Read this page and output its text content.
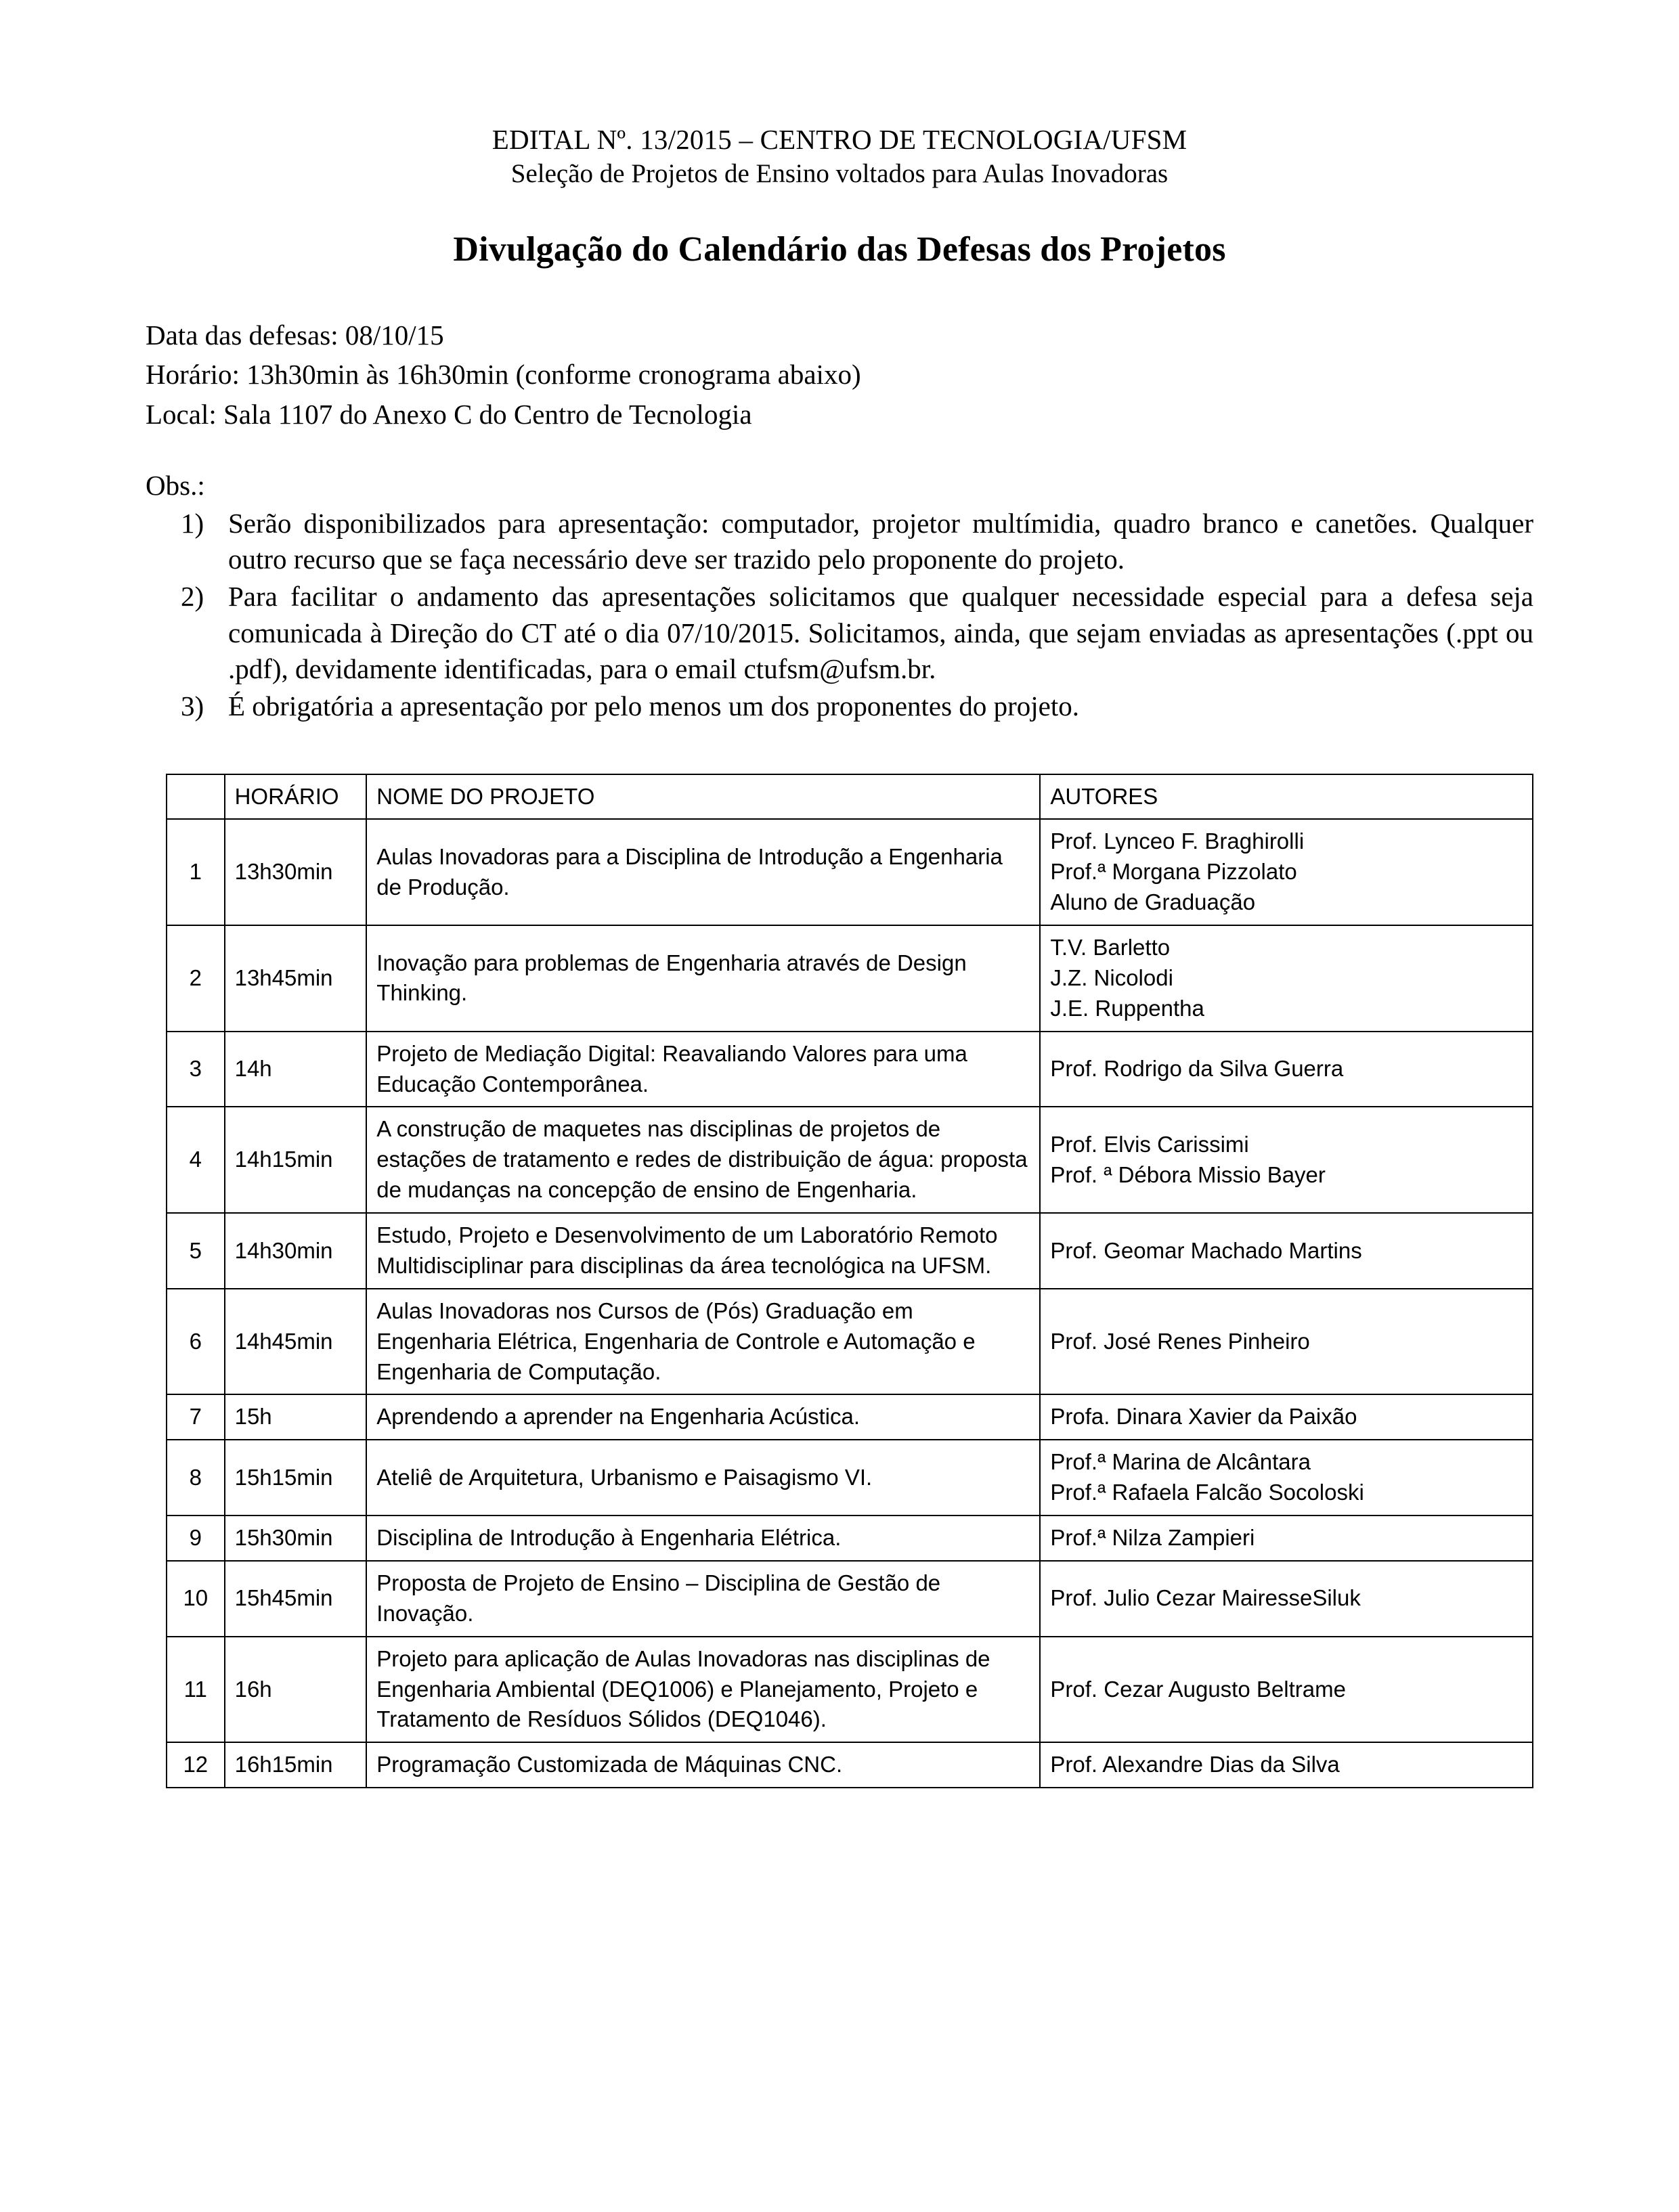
EDITAL Nº. 13/2015 – CENTRO DE TECNOLOGIA/UFSM
Seleção de Projetos de Ensino voltados para Aulas Inovadoras
Divulgação do Calendário das Defesas dos Projetos
Data das defesas: 08/10/15
Horário: 13h30min às 16h30min (conforme cronograma abaixo)
Local: Sala 1107 do Anexo C do Centro de Tecnologia
Obs.:
1) Serão disponibilizados para apresentação: computador, projetor multímidia, quadro branco e canetões. Qualquer outro recurso que se faça necessário deve ser trazido pelo proponente do projeto.
2) Para facilitar o andamento das apresentações solicitamos que qualquer necessidade especial para a defesa seja comunicada à Direção do CT até o dia 07/10/2015. Solicitamos, ainda, que sejam enviadas as apresentações (.ppt ou .pdf), devidamente identificadas, para o email ctufsm@ufsm.br.
3) É obrigatória a apresentação por pelo menos um dos proponentes do projeto.
	HORÁRIO	NOME DO PROJETO	AUTORES

1	13h30min	Aulas Inovadoras para a Disciplina de Introdução a Engenharia de Produção.	Prof. Lynceo F. Braghirolli
Prof.ª Morgana Pizzolato
Aluno de Graduação

2	13h45min	Inovação para problemas de Engenharia através de Design Thinking.	T.V. Barletto
J.Z. Nicolodi
J.E. Ruppentha

3	14h	Projeto de Mediação Digital: Reavaliando Valores para uma Educação Contemporânea.	Prof. Rodrigo da Silva Guerra

4	14h15min	A construção de maquetes nas disciplinas de projetos de estações de tratamento e redes de distribuição de água: proposta de mudanças na concepção de ensino de Engenharia.	Prof. Elvis Carissimi
Prof. ª Débora Missio Bayer

5	14h30min	Estudo, Projeto e Desenvolvimento de um Laboratório Remoto Multidisciplinar para disciplinas da área tecnológica na UFSM.	Prof. Geomar Machado Martins

6	14h45min	Aulas Inovadoras nos Cursos de (Pós) Graduação em Engenharia Elétrica, Engenharia de Controle e Automação e Engenharia de Computação.	Prof. José Renes Pinheiro

7	15h	Aprendendo a aprender na Engenharia Acústica.	Profa. Dinara Xavier da Paixão

8	15h15min	Ateliê de Arquitetura, Urbanismo e Paisagismo VI.	Prof.ª Marina de Alcântara
Prof.ª Rafaela Falcão Socoloski

9	15h30min	Disciplina de Introdução à Engenharia Elétrica.	Prof.ª Nilza Zampieri

10	15h45min	Proposta de Projeto de Ensino – Disciplina de Gestão de Inovação.	Prof. Julio Cezar MairesseSiluk

11	16h	Projeto para aplicação de Aulas Inovadoras nas disciplinas de Engenharia Ambiental (DEQ1006) e Planejamento, Projeto e Tratamento de Resíduos Sólidos (DEQ1046).	Prof. Cezar Augusto Beltrame

12	16h15min	Programação Customizada de Máquinas CNC.	Prof. Alexandre Dias da Silva
